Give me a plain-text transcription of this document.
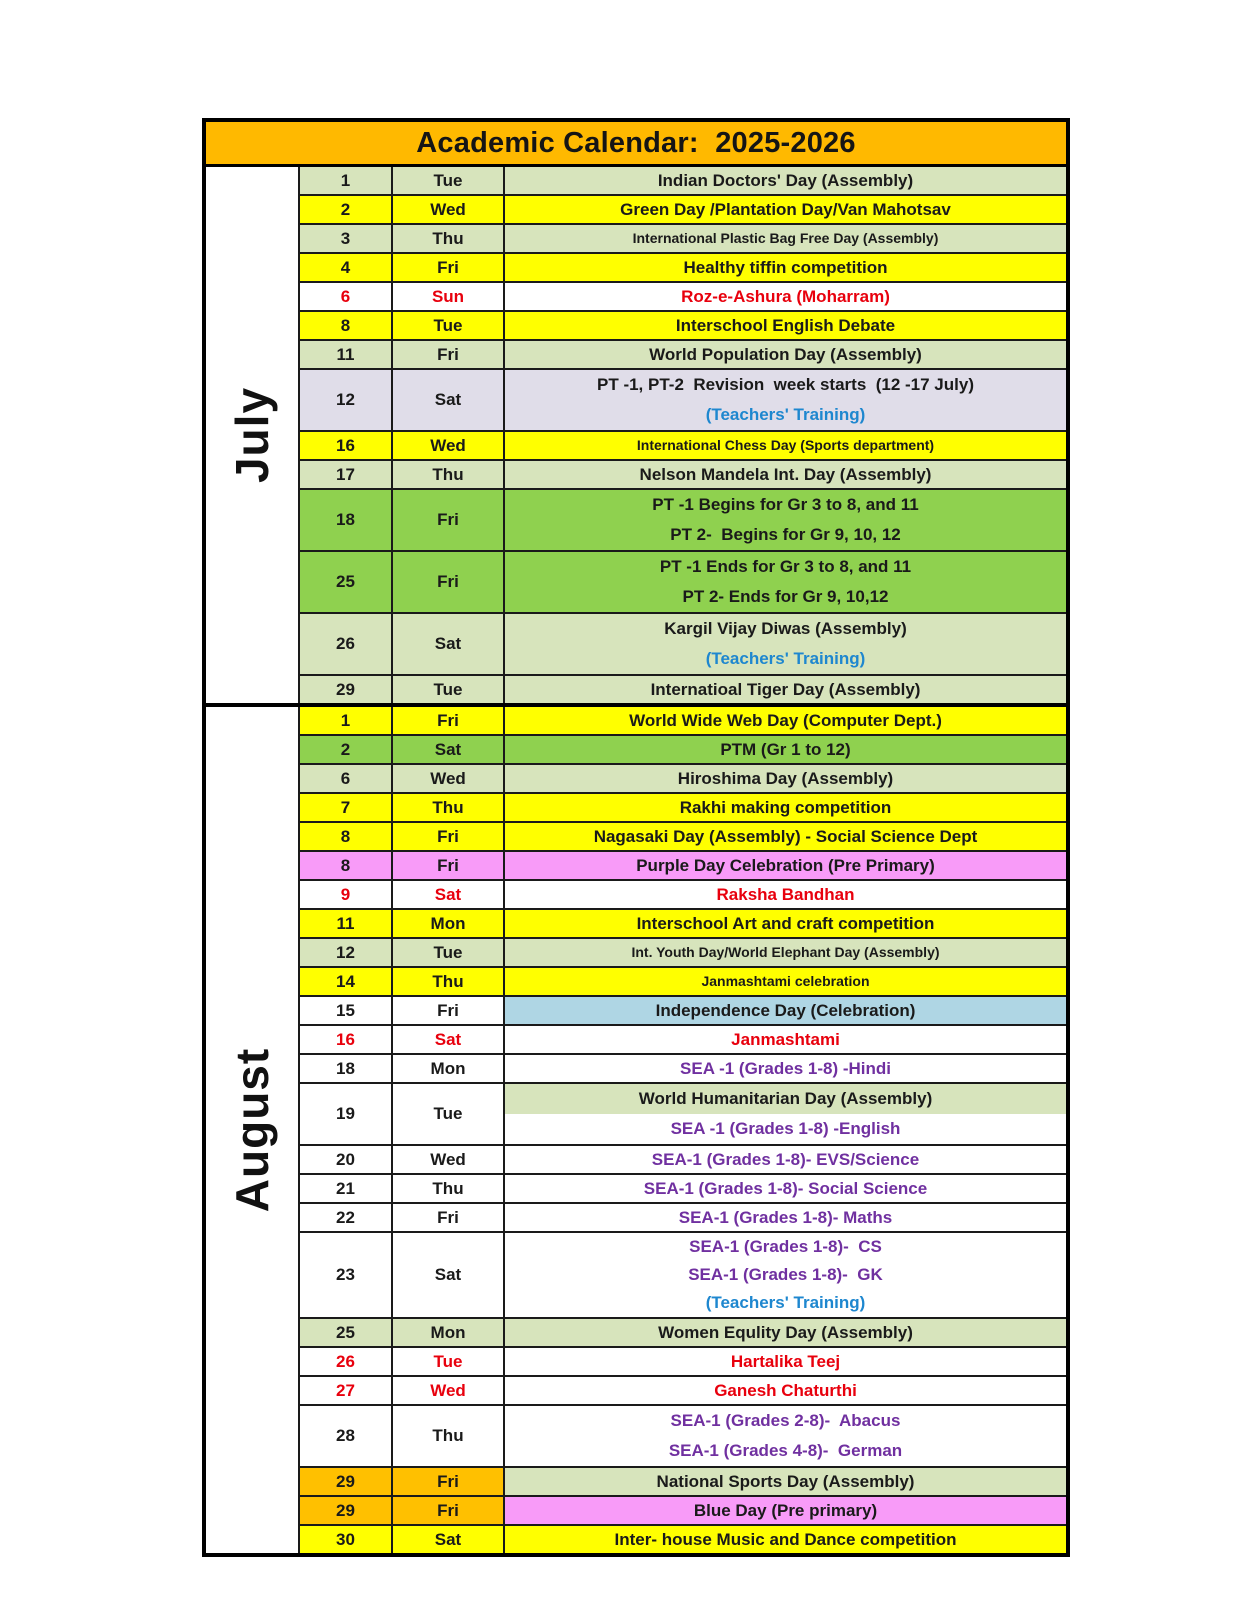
Academic Calendar:  2025-2026
July
1	Tue	Indian Doctors' Day (Assembly)
2	Wed	Green Day /Plantation Day/Van Mahotsav
3	Thu	International Plastic Bag Free Day (Assembly)
4	Fri	Healthy tiffin competition
6	Sun	Roz-e-Ashura (Moharram)
8	Tue	Interschool English Debate
11	Fri	World Population Day (Assembly)
12	Sat
PT -1, PT-2  Revision  week starts  (12 -17 July)
(Teachers' Training)
16	Wed	International Chess Day (Sports department)
17	Thu	Nelson Mandela Int. Day (Assembly)
18	Fri
PT -1 Begins for Gr 3 to 8, and 11
PT 2-  Begins for Gr 9, 10, 12
25	Fri
PT -1 Ends for Gr 3 to 8, and 11
PT 2- Ends for Gr 9, 10,12
26	Sat
Kargil Vijay Diwas (Assembly)
(Teachers' Training)
29	Tue	Internatioal Tiger Day (Assembly)
August
1	Fri	World Wide Web Day (Computer Dept.)
2	Sat	PTM (Gr 1 to 12)
6	Wed	Hiroshima Day (Assembly)
7	Thu	Rakhi making competition
8	Fri	Nagasaki Day (Assembly) - Social Science Dept
8	Fri	Purple Day Celebration (Pre Primary)
9	Sat	Raksha Bandhan
11	Mon	Interschool Art and craft competition
12	Tue	Int. Youth Day/World Elephant Day (Assembly)
14	Thu	Janmashtami celebration
15	Fri	Independence Day (Celebration)
16	Sat	Janmashtami
18	Mon	SEA -1 (Grades 1-8) -Hindi
19	Tue
World Humanitarian Day (Assembly)
SEA -1 (Grades 1-8) -English
20	Wed	SEA-1 (Grades 1-8)- EVS/Science
21	Thu	SEA-1 (Grades 1-8)- Social Science
22	Fri	SEA-1 (Grades 1-8)- Maths
23	Sat
SEA-1 (Grades 1-8)-  CS
SEA-1 (Grades 1-8)-  GK
(Teachers' Training)
25	Mon	Women Equlity Day (Assembly)
26	Tue	Hartalika Teej
27	Wed	Ganesh Chaturthi
28	Thu
SEA-1 (Grades 2-8)-  Abacus
SEA-1 (Grades 4-8)-  German
29	Fri	National Sports Day (Assembly)
29	Fri	Blue Day (Pre primary)
30	Sat	Inter- house Music and Dance competition
